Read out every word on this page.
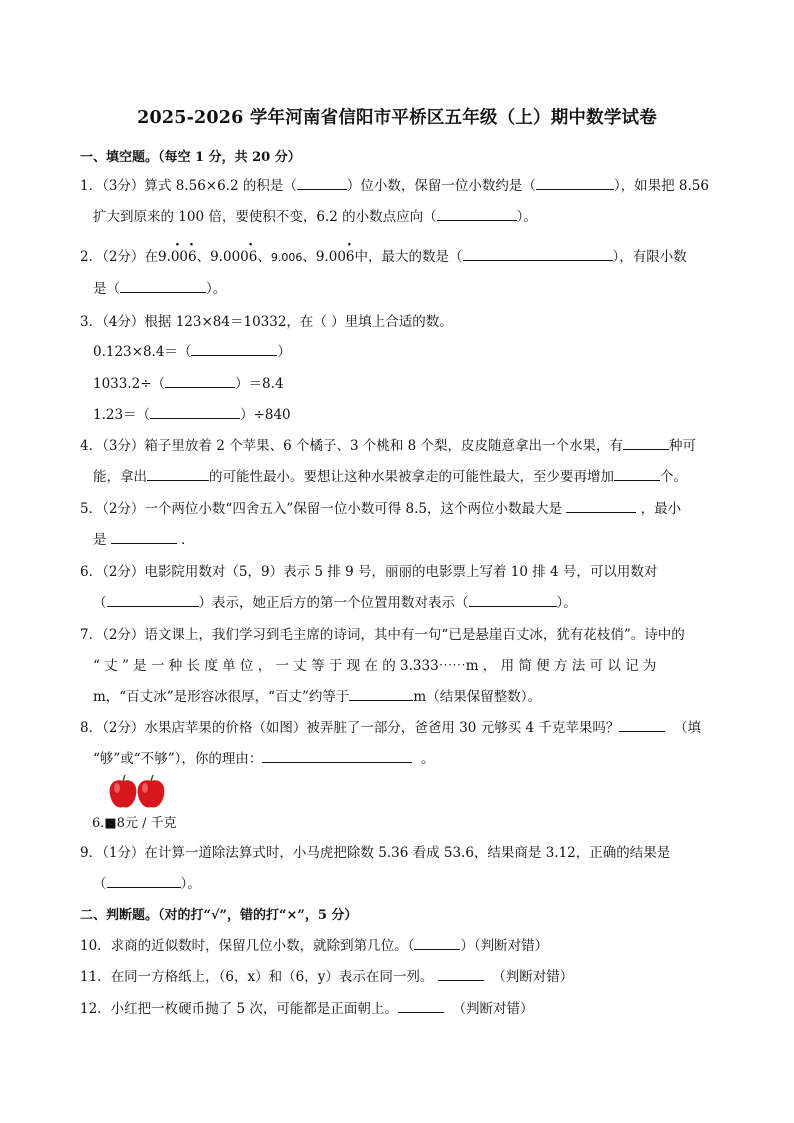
2025-2026 学年河南省信阳市平桥区五年级（上）期中数学试卷
一、填空题。（每空 1 分，共 20 分）
1．（3分）算式 8.56×6.2 的积是（	）位小数，保留一位小数约是（	），如果把 8.56
扩大到原来的 100 倍，要使积不变，6.2 的小数点应向（	）。
2．（2分）在
· ·
9.006、
·
9.0006、9.006、
·
9.006中，最大的数是（	），有限小数
是（	）。
3．（4分）根据 123×84＝10332，在（ ）里填上合适的数。
0.123×8.4＝（	）
1033.2÷（	）＝8.4
1.23＝（	）÷840
4．（3分）箱子里放着 2 个苹果、6 个橘子、3 个桃和 8 个梨，皮皮随意拿出一个水果，有	种可
能，拿出	的可能性最小。要想让这种水果被拿走的可能性最大，至少要再增加	个。
5．（2分）一个两位小数“四舍五入”保留一位小数可得 8.5，这个两位小数最大是	，最小
是	．
6．（2分）电影院用数对（5，9）表示 5 排 9 号，丽丽的电影票上写着 10 排 4 号，可以用数对
（	）表示，她正后方的第一个位置用数对表示（	）。
7．（2分）语文课上，我们学习到毛主席的诗词，其中有一句“已是悬崖百丈冰，犹有花枝俏”。诗中的
“ 丈 ” 是 一 种 长 度 单 位 ， 一 丈 等 于 现 在 的 3.333⋯⋯m ， 用 简 便 方 法 可 以 记 为
m，“百丈冰”是形容冰很厚，“百丈”约等于	m（结果保留整数）。
8．（2分）水果店苹果的价格（如图）被弄脏了一部分，爸爸用 30 元够买 4 千克苹果吗？	（填
“够”或“不够”），你的理由：	。
6.■8元 / 千克
9．（1分）在计算一道除法算式时，小马虎把除数 5.36 看成 53.6，结果商是 3.12，正确的结果是
（	）。
二、判断题。（对的打“√”，错的打“×”，5 分）
10．求商的近似数时，保留几位小数，就除到第几位。（	）（判断对错）
11．在同一方格纸上，（6，x）和（6，y）表示在同一列。	（判断对错）
12．小红把一枚硬币抛了 5 次，可能都是正面朝上。	（判断对错）
